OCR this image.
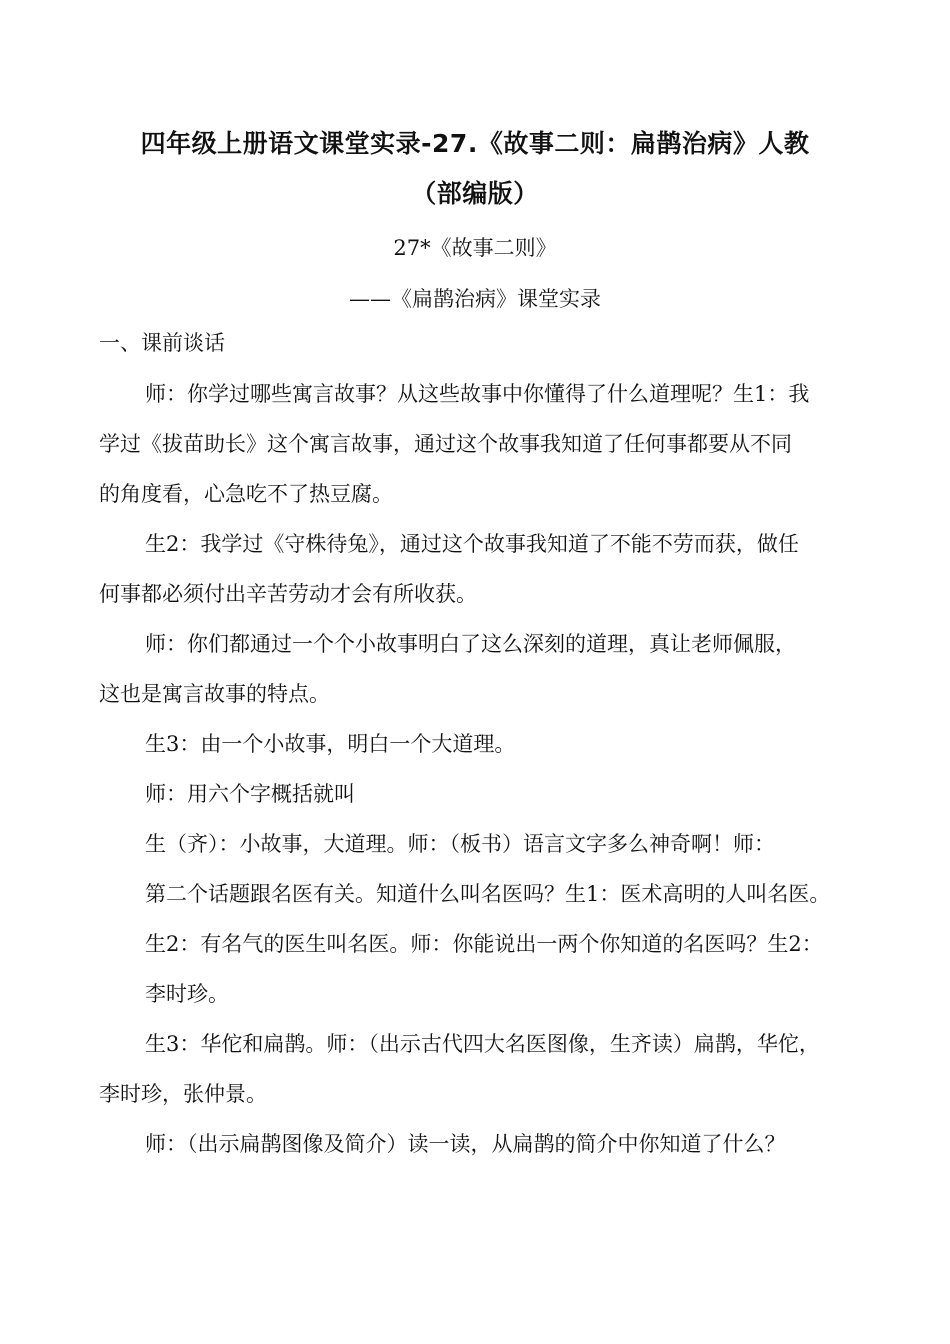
四年级上册语文课堂实录-27.《故事二则：扁鹊治病》人教
（部编版）
27*《故事二则》
——《扁鹊治病》课堂实录
一、课前谈话
师：你学过哪些寓言故事？从这些故事中你懂得了什么道理呢？生1：我
学过《拔苗助长》这个寓言故事，通过这个故事我知道了任何事都要从不同
的角度看，心急吃不了热豆腐。
生2：我学过《守株待兔》，通过这个故事我知道了不能不劳而获，做任
何事都必须付出辛苦劳动才会有所收获。
师：你们都通过一个个小故事明白了这么深刻的道理，真让老师佩服，
这也是寓言故事的特点。
生3：由一个小故事，明白一个大道理。
师：用六个字概括就叫
生（齐）：小故事，大道理。师：（板书）语言文字多么神奇啊！师：
第二个话题跟名医有关。知道什么叫名医吗？生1：医术高明的人叫名医。
生2：有名气的医生叫名医。师：你能说出一两个你知道的名医吗？生2：
李时珍。
生3：华佗和扁鹊。师：（出示古代四大名医图像，生齐读）扁鹊，华佗，
李时珍，张仲景。
师：（出示扁鹊图像及简介）读一读，从扁鹊的简介中你知道了什么？
